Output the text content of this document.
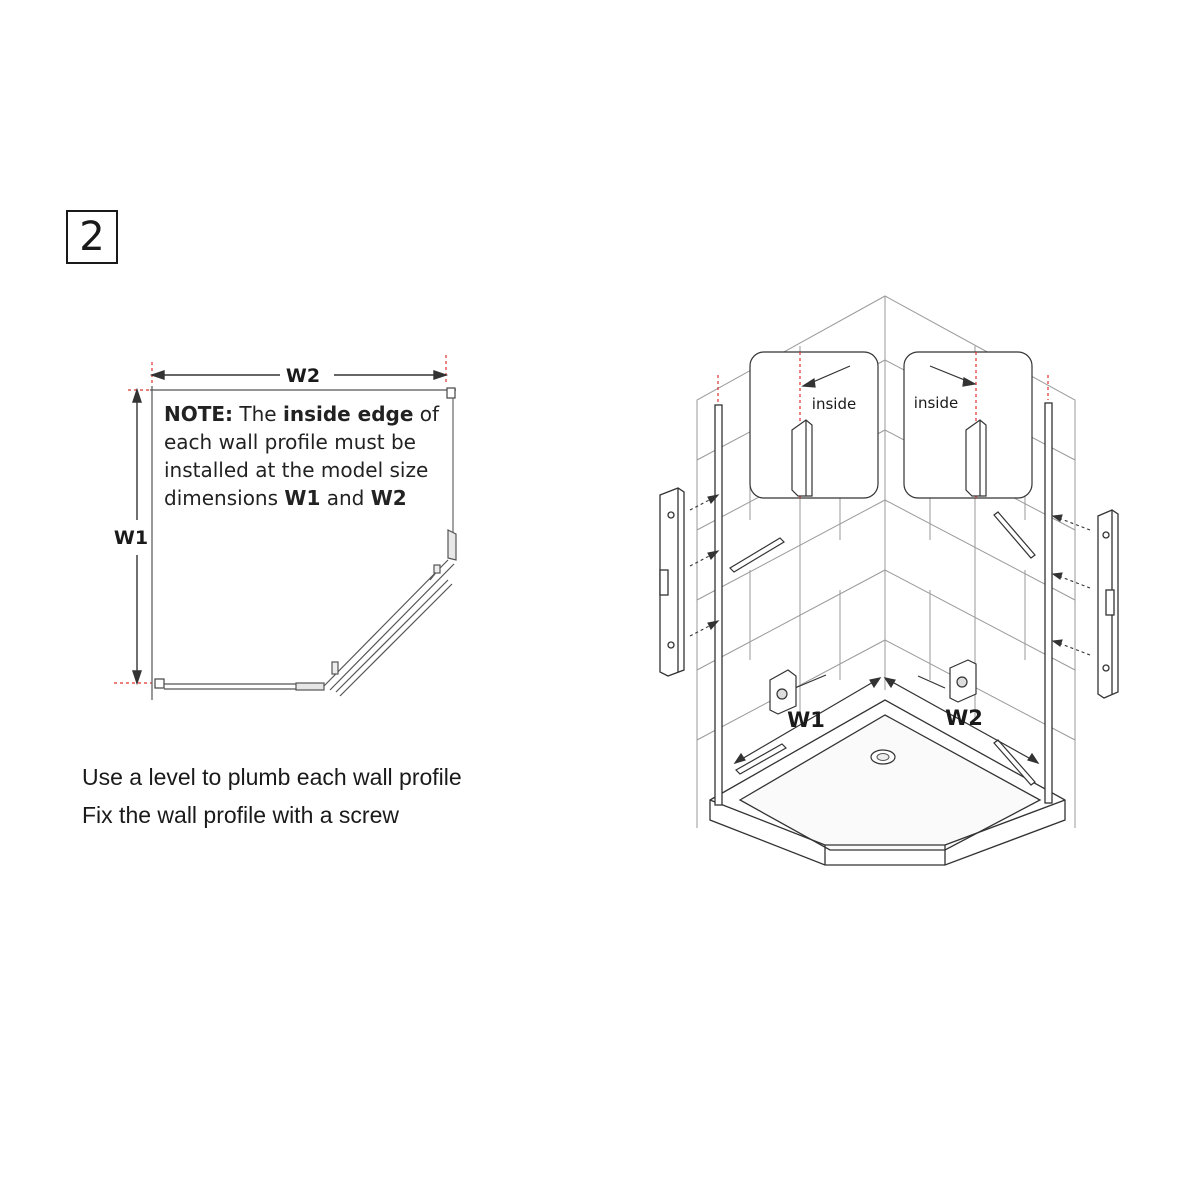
2
W2
W1
NOTE: The inside edge of each wall profile must be installed at the model size dimensions W1 and W2
Use a level to plumb each wall profile
Fix the wall profile with a screw
W1	W2
inside	inside
